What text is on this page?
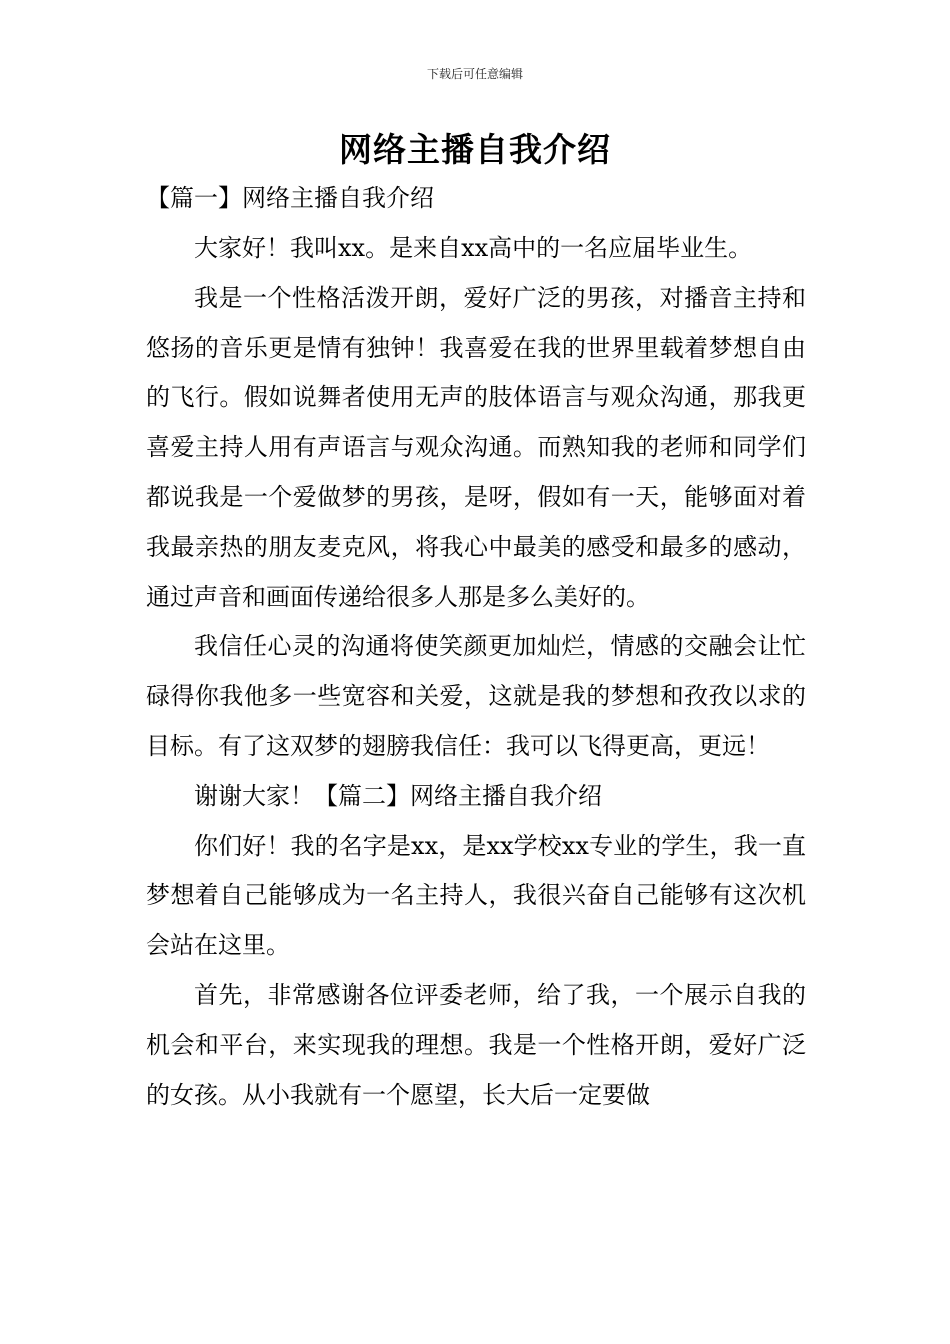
下载后可任意编辑
网络主播自我介绍
【篇一】网络主播自我介绍

大家好！我叫xx。是来自xx高中的一名应届毕业生。

我是一个性格活泼开朗，爱好广泛的男孩，对播音主持和悠扬的音乐更是情有独钟！我喜爱在我的世界里载着梦想自由的飞行。假如说舞者使用无声的肢体语言与观众沟通，那我更喜爱主持人用有声语言与观众沟通。而熟知我的老师和同学们都说我是一个爱做梦的男孩，是呀，假如有一天，能够面对着我最亲热的朋友麦克风，将我心中最美的感受和最多的感动，通过声音和画面传递给很多人那是多么美好的。

我信任心灵的沟通将使笑颜更加灿烂，情感的交融会让忙碌得你我他多一些宽容和关爱，这就是我的梦想和孜孜以求的目标。有了这双梦的翅膀我信任：我可以飞得更高，更远！

谢谢大家！【篇二】网络主播自我介绍

你们好！我的名字是xx，是xx学校xx专业的学生，我一直梦想着自己能够成为一名主持人，我很兴奋自己能够有这次机会站在这里。

首先，非常感谢各位评委老师，给了我，一个展示自我的机会和平台，来实现我的理想。我是一个性格开朗，爱好广泛的女孩。从小我就有一个愿望，长大后一定要做
